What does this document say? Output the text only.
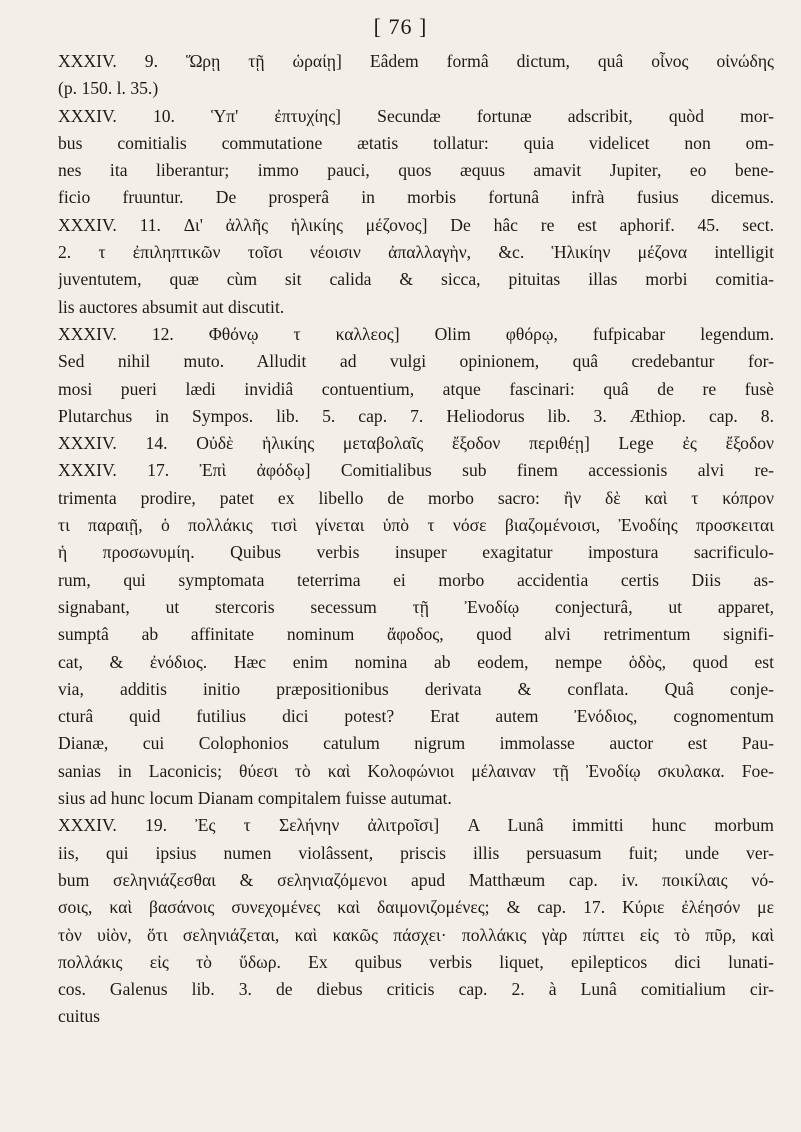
[ 76 ]
XXXIV. 9. Ὥρῃ τῇ ὡραίῃ] Eâdem formâ dictum, quâ οἶνος οἰνώδης
(p. 150. l. 35.)
XXXIV. 10. Ὑπ' ἐπτυχίης] Secundæ fortunæ adscribit, quòd mor-
bus comitialis commutatione ætatis tollatur: quia videlicet non om-
nes ita liberantur; immo pauci, quos æquus amavit Jupiter, eo bene-
ficio fruuntur. De prosperâ in morbis fortunâ infrà fusius dicemus.
XXXIV. 11. Δι' ἀλλῆς ἡλικίης μέζονος] De hâc re est aphorif. 45. sect.
2. τ ἐπιληπτικῶν τοῖσι νέοισιν ἀπαλλαγὴν, &c. Ἡλικίην μέζονα intelligit
juventutem, quæ cùm sit calida & sicca, pituitas illas morbi comitia-
lis auctores absumit aut discutit.
XXXIV. 12. Φθόνῳ τ καλλεος] Olim φθόρῳ, fufpicabar legendum.
Sed nihil muto. Alludit ad vulgi opinionem, quâ credebantur for-
mosi pueri lædi invidiâ contuentium, atque fascinari: quâ de re fusè
Plutarchus in Sympos. lib. 5. cap. 7. Heliodorus lib. 3. Æthiop. cap. 8.
XXXIV. 14. Οὐδὲ ἡλικίης μεταβολαῖς ἔξοδον περιθέῃ] Lege ἐς ἔξοδον
XXXIV. 17. Ἐπὶ ἀφόδῳ] Comitialibus sub finem accessionis alvi re-
trimenta prodire, patet ex libello de morbo sacro: ἢν δὲ καὶ τ κόπρον
τι παραιῇ, ὁ πολλάκις τισὶ γίνεται ὑπὸ τ νόσε βιαζομένοισι, Ἐνοδίης προσκειται
ἡ προσωνυμίη. Quibus verbis insuper exagitatur impostura sacrificulo-
rum, qui symptomata teterrima ei morbo accidentia certis Diis as-
signabant, ut stercoris secessum τῇ Ἐνοδίῳ conjecturâ, ut apparet,
sumptâ ab affinitate nominum ἄφοδος, quod alvi retrimentum signifi-
cat, & ἐνόδιος. Hæc enim nomina ab eodem, nempe ὁδὸς, quod est
via, additis initio præpositionibus derivata & conflata. Quâ conje-
cturâ quid futilius dici potest? Erat autem Ἐνόδιος, cognomentum
Dianæ, cui Colophonios catulum nigrum immolasse auctor est Pau-
sanias in Laconicis; θύεσι τὸ καὶ Κολοφώνιοι μέλαιναν τῇ Ἐνοδίῳ σκυλακα. Foe-
sius ad hunc locum Dianam compitalem fuisse autumat.
XXXIV. 19. Ἐς τ Σελήνην ἀλιτροῖσι] A Lunâ immitti hunc morbum
iis, qui ipsius numen violâssent, priscis illis persuasum fuit; unde ver-
bum σεληνιάζεσθαι & σεληνιαζόμενοι apud Matthæum cap. iv. ποικίλαις νό-
σοις, καὶ βασάνοις συνεχομένες καὶ δαιμονιζομένες; & cap. 17. Κύριε ἐλέησόν με
τὸν υἱὸν, ὅτι σεληνιάζεται, καὶ κακῶς πάσχει· πολλάκις γὰρ πίπτει εἰς τὸ πῦρ, καὶ
πολλάκις εἰς τὸ ὕδωρ. Ex quibus verbis liquet, epilepticos dici lunati-
cos. Galenus lib. 3. de diebus criticis cap. 2. à Lunâ comitialium cir-
cuitus
